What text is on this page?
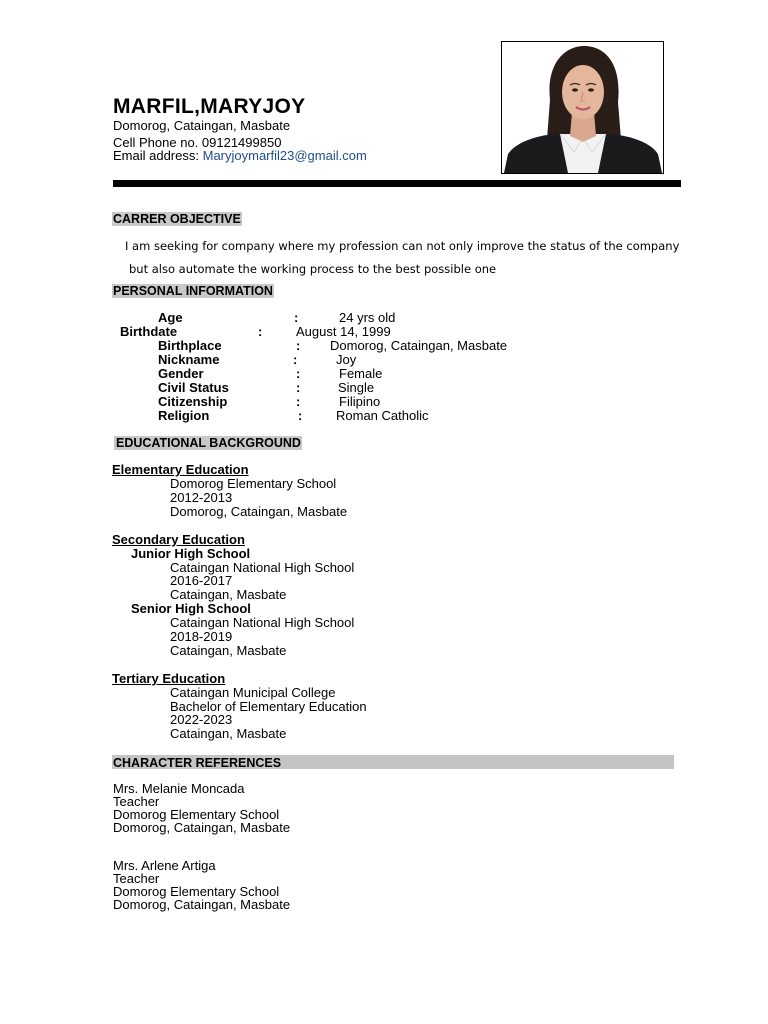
MARFIL,MARYJOY
Domorog, Cataingan, Masbate
Cell Phone no. 09121499850
Email address: Maryjoymarfil23@gmail.com
CARRER OBJECTIVE
I am seeking for company where my profession can not only improve the status of the company
but also automate the working process to the best possible one
PERSONAL INFORMATION
Age	:	24 yrs old
Birthdate	:	August 14, 1999
Birthplace	: Domorog, Cataingan, Masbate
Nickname	:	Joy
Gender	:	Female
Civil Status	:	Single
Citizenship	:	Filipino
Religion	:	Roman Catholic
EDUCATIONAL BACKGROUND
Elementary Education
Domorog Elementary School
2012-2013
Domorog, Cataingan, Masbate
Secondary Education
Junior High School
Cataingan National High School
2016-2017
Cataingan, Masbate
Senior High School
Cataingan National High School
2018-2019
Cataingan, Masbate
Tertiary Education
Cataingan Municipal College
Bachelor of Elementary Education
2022-2023
Cataingan, Masbate
CHARACTER REFERENCES
Mrs. Melanie Moncada
Teacher
Domorog Elementary School
Domorog, Cataingan, Masbate
Mrs. Arlene Artiga
Teacher
Domorog Elementary School
Domorog, Cataingan, Masbate
